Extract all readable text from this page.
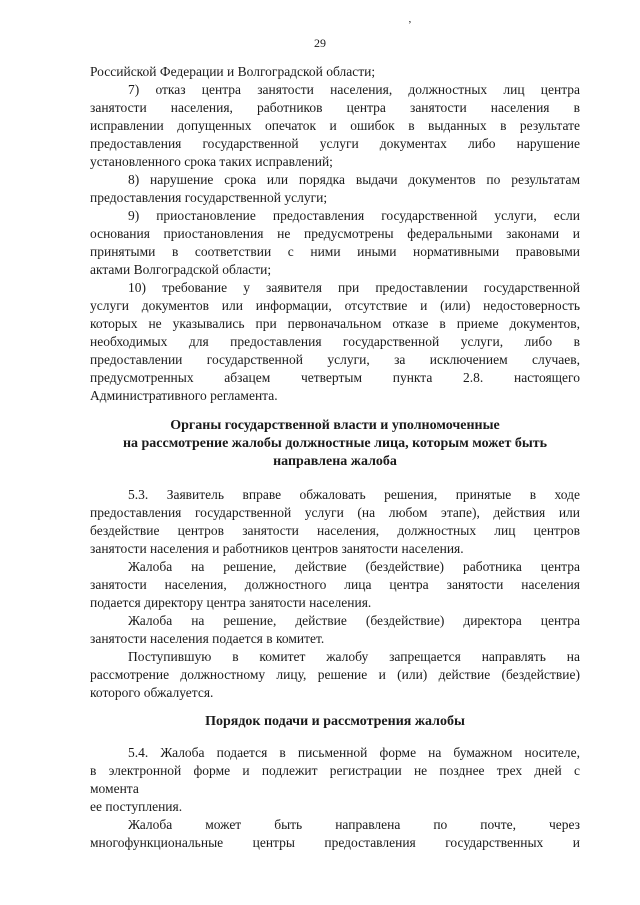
ʼ
29
Российской Федерации и Волгоградской области;
7) отказ центра занятости населения, должностных лиц центра
занятости населения, работников центра занятости населения в
исправлении допущенных опечаток и ошибок в выданных в результате
предоставления государственной услуги документах либо нарушение
установленного срока таких исправлений;
8) нарушение срока или порядка выдачи документов по результатам
предоставления государственной услуги;
9) приостановление предоставления государственной услуги, если
основания приостановления не предусмотрены федеральными законами и
принятыми в соответствии с ними иными нормативными правовыми
актами Волгоградской области;
10) требование у заявителя при предоставлении государственной
услуги документов или информации, отсутствие и (или) недостоверность
которых не указывались при первоначальном отказе в приеме документов,
необходимых для предоставления государственной услуги, либо в
предоставлении государственной услуги, за исключением случаев,
предусмотренных абзацем четвертым пункта 2.8. настоящего
Административного регламента.
Органы государственной власти и уполномоченные
на рассмотрение жалобы должностные лица, которым может быть
направлена жалоба
5.3. Заявитель вправе обжаловать решения, принятые в ходе
предоставления государственной услуги (на любом этапе), действия или
бездействие центров занятости населения, должностных лиц центров
занятости населения и работников центров занятости населения.
Жалоба на решение, действие (бездействие) работника центра
занятости населения, должностного лица центра занятости населения
подается директору центра занятости населения.
Жалоба на решение, действие (бездействие) директора центра
занятости населения подается в комитет.
Поступившую в комитет жалобу запрещается направлять на
рассмотрение должностному лицу, решение и (или) действие (бездействие)
которого обжалуется.
Порядок подачи и рассмотрения жалобы
5.4. Жалоба подается в письменной форме на бумажном носителе,
в электронной форме и подлежит регистрации не позднее трех дней с
момента
ее поступления.
Жалоба может быть направлена по почте, через
многофункциональные центры предоставления государственных и
